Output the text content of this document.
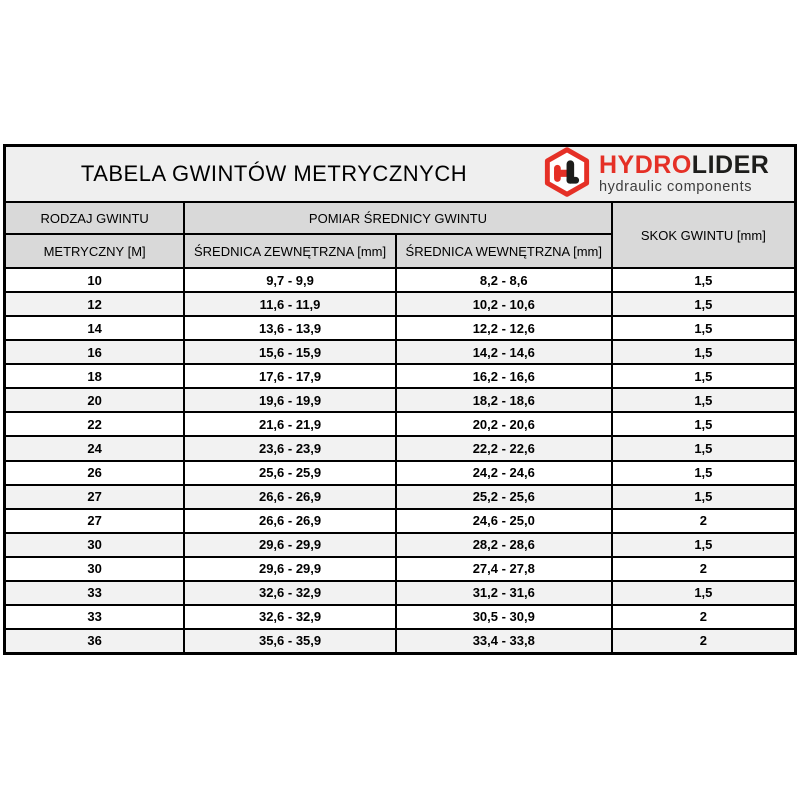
TABELA GWINTÓW METRYCZNYCH	HYDROLIDER
hydraulic components
RODZAJ GWINTU	POMIAR ŚREDNICY GWINTU
SKOK GWINTU [mm]
METRYCZNY [M]	ŚREDNICA ZEWNĘTRZNA [mm]	ŚREDNICA WEWNĘTRZNA [mm]
10	9,7 - 9,9	8,2 - 8,6	1,5
12	11,6 - 11,9	10,2 - 10,6	1,5
14	13,6 - 13,9	12,2 - 12,6	1,5
16	15,6 - 15,9	14,2 - 14,6	1,5
18	17,6 - 17,9	16,2 - 16,6	1,5
20	19,6 - 19,9	18,2 - 18,6	1,5
22	21,6 - 21,9	20,2 - 20,6	1,5
24	23,6 - 23,9	22,2 - 22,6	1,5
26	25,6 - 25,9	24,2 - 24,6	1,5
27	26,6 - 26,9	25,2 - 25,6	1,5
27	26,6 - 26,9	24,6 - 25,0	2
30	29,6 - 29,9	28,2 - 28,6	1,5
30	29,6 - 29,9	27,4 - 27,8	2
33	32,6 - 32,9	31,2 - 31,6	1,5
33	32,6 - 32,9	30,5 - 30,9	2
36	35,6 - 35,9	33,4 - 33,8	2
